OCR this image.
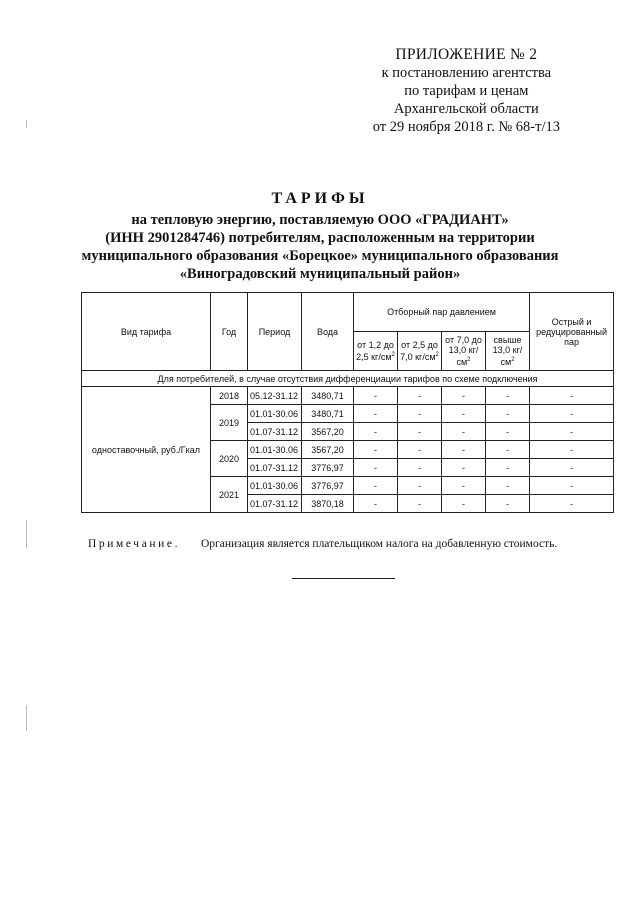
ПРИЛОЖЕНИЕ № 2
к постановлению агентства
по тарифам и ценам
Архангельской области
от 29 ноября 2018 г. № 68-т/13
ТАРИФЫ
на тепловую энергию, поставляемую ООО «ГРАДИАНТ»
(ИНН 2901284746) потребителям, расположенным на территории
муниципального образования «Борецкое» муниципального образования
«Виноградовский муниципальный район»
Вид тарифа	Год	Период	Вода	Отборный пар давлением				Острый и редуцированный пар
				от 1,2 до 2,5 $кг/см^2$	от 2,5 до 7,0 $кг/см^2$	от 7,0 до 13,0 $кг/см^2$	свыше 13,0 $кг/см^2$
Для потребителей, в случае отсутствия дифференциации тарифов по схеме подключения								
одноставочный, руб./Гкал	2018	05.12-31.12	3480,71	-	-	-	-	-
	2019	01.01-30.06	3480,71	-	-	-	-	-
		01.07-31.12	3567,20	-	-	-	-	-
	2020	01.01-30.06	3567,20	-	-	-	-	-
		01.07-31.12	3776,97	-	-	-	-	-
	2021	01.01-30.06	3776,97	-	-	-	-	-
		01.07-31.12	3870,18	-	-	-	-	-
Примечание. Организация является плательщиком налога на добавленную стоимость.
